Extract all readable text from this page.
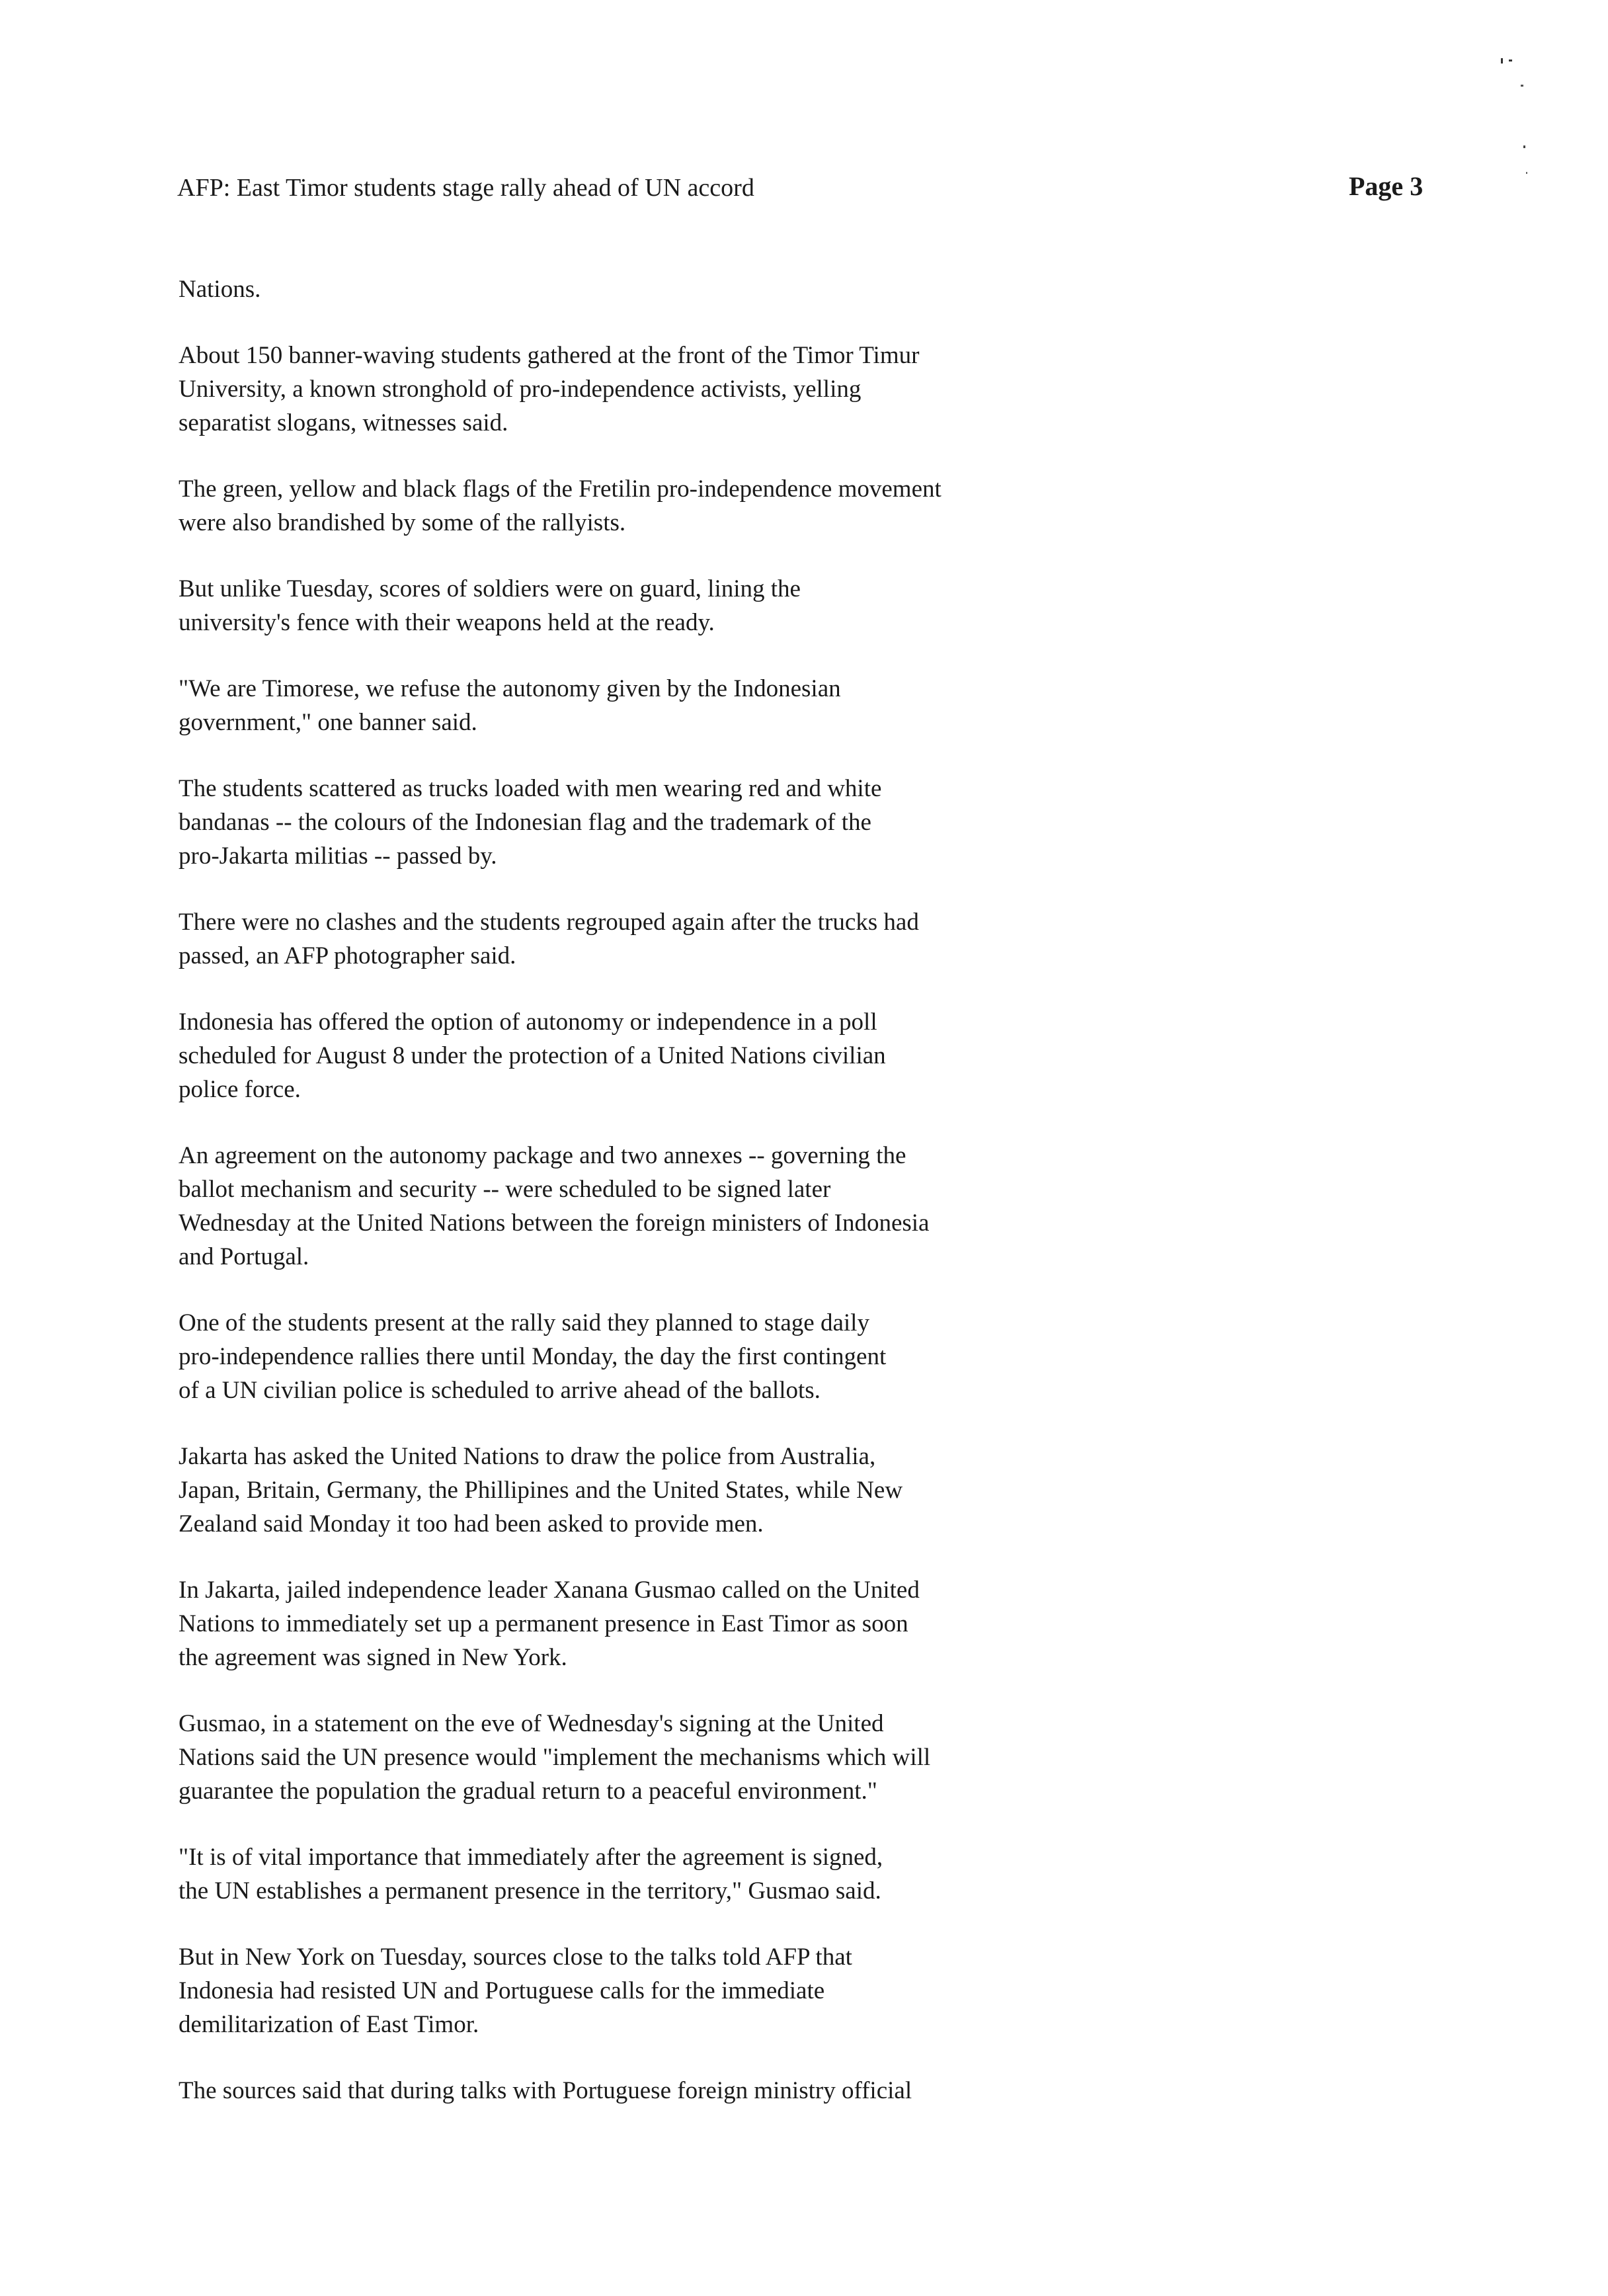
AFP: East Timor students stage rally ahead of UN accord	Page 3

Nations.

About 150 banner-waving students gathered at the front of the Timor Timur
University, a known stronghold of pro-independence activists, yelling
separatist slogans, witnesses said.

The green, yellow and black flags of the Fretilin pro-independence movement
were also brandished by some of the rallyists.

But unlike Tuesday, scores of soldiers were on guard, lining the
university's fence with their weapons held at the ready.

"We are Timorese, we refuse the autonomy given by the Indonesian
government," one banner said.

The students scattered as trucks loaded with men wearing red and white
bandanas -- the colours of the Indonesian flag and the trademark of the
pro-Jakarta militias -- passed by.

There were no clashes and the students regrouped again after the trucks had
passed, an AFP photographer said.

Indonesia has offered the option of autonomy or independence in a poll
scheduled for August 8 under the protection of a United Nations civilian
police force.

An agreement on the autonomy package and two annexes -- governing the
ballot mechanism and security -- were scheduled to be signed later
Wednesday at the United Nations between the foreign ministers of Indonesia
and Portugal.

One of the students present at the rally said they planned to stage daily
pro-independence rallies there until Monday, the day the first contingent
of a UN civilian police is scheduled to arrive ahead of the ballots.

Jakarta has asked the United Nations to draw the police from Australia,
Japan, Britain, Germany, the Phillipines and the United States, while New
Zealand said Monday it too had been asked to provide men.

In Jakarta, jailed independence leader Xanana Gusmao called on the United
Nations to immediately set up a permanent presence in East Timor as soon
the agreement was signed in New York.

Gusmao, in a statement on the eve of Wednesday's signing at the United
Nations said the UN presence would "implement the mechanisms which will
guarantee the population the gradual return to a peaceful environment."

"It is of vital importance that immediately after the agreement is signed,
the UN establishes a permanent presence in the territory," Gusmao said.

But in New York on Tuesday, sources close to the talks told AFP that
Indonesia had resisted UN and Portuguese calls for the immediate
demilitarization of East Timor.

The sources said that during talks with Portuguese foreign ministry official
